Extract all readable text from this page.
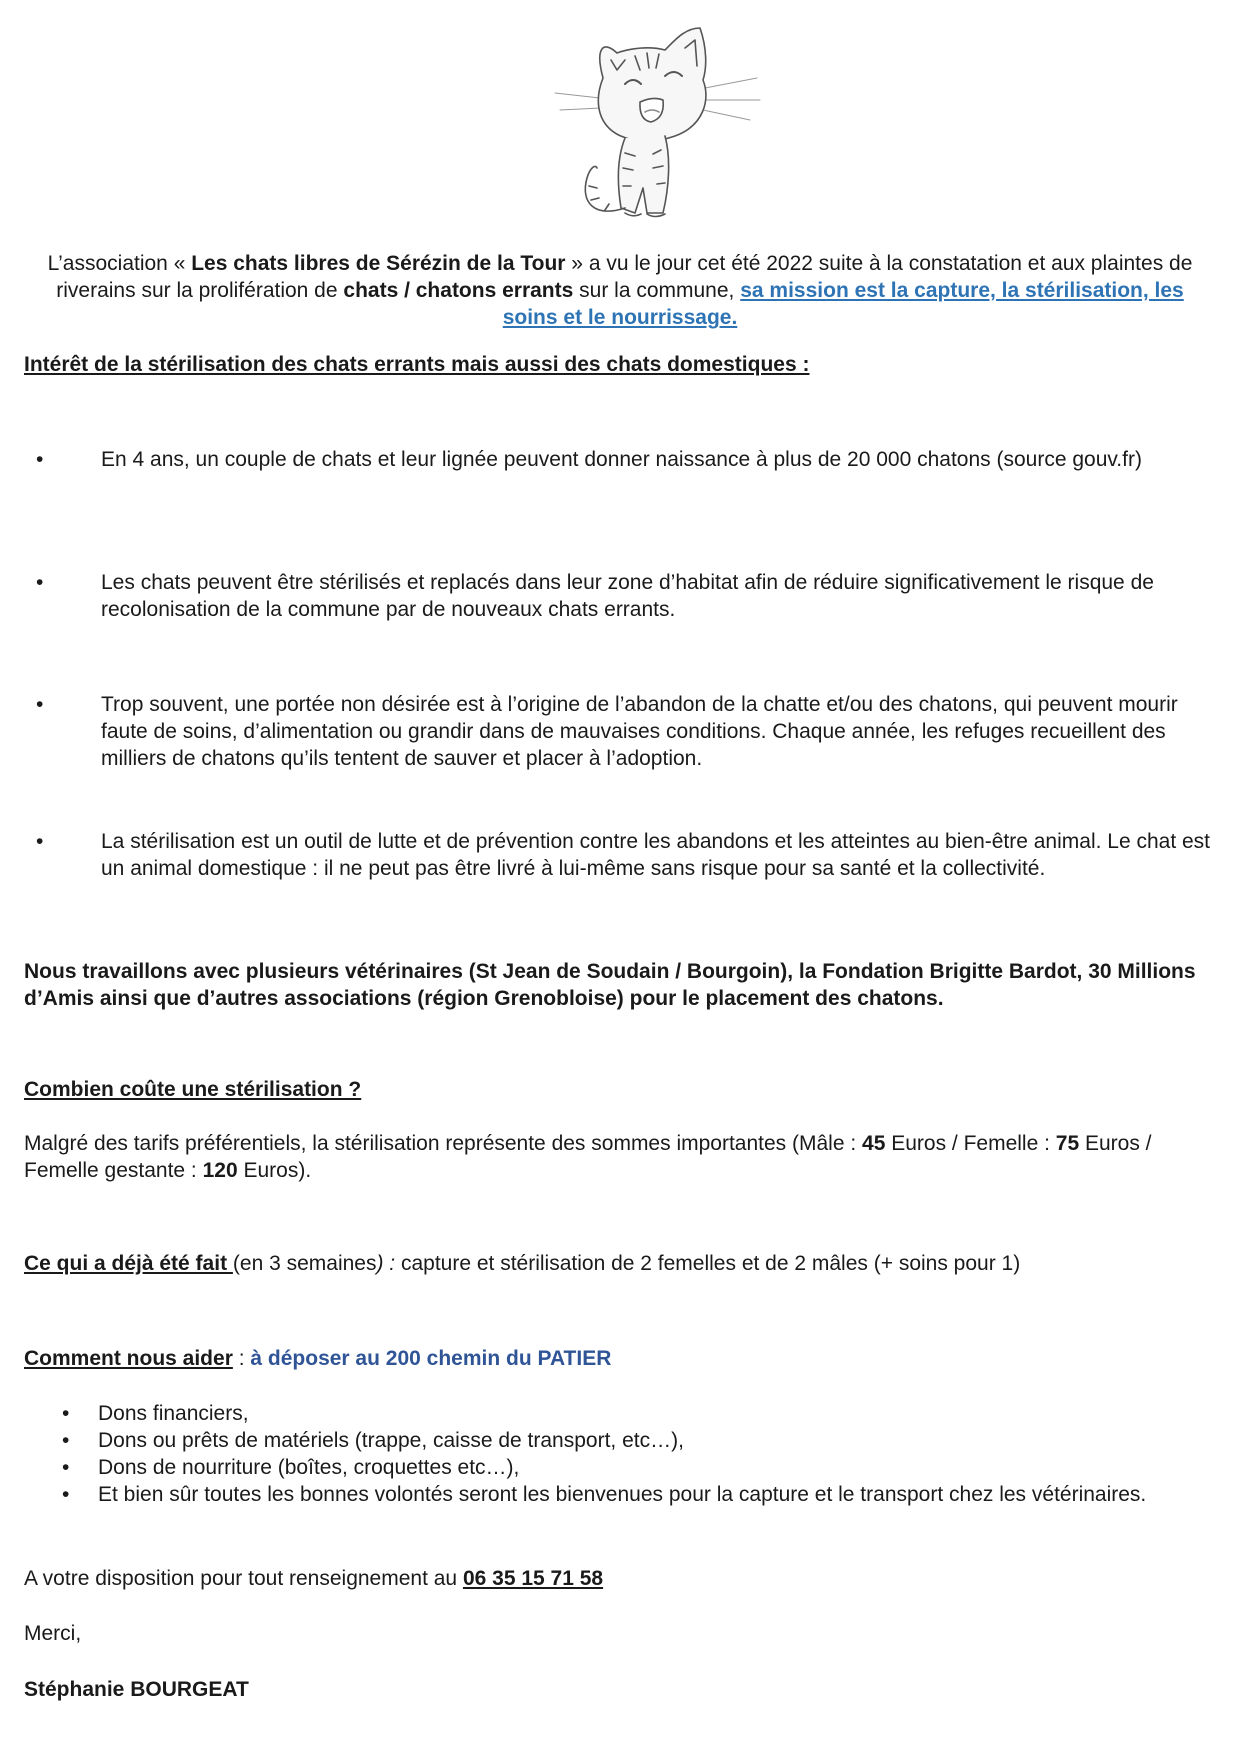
L’association « Les chats libres de Sérézin de la Tour » a vu le jour cet été 2022 suite à la constatation et aux plaintes de riverains sur la prolifération de chats / chatons errants sur la commune, sa mission est la capture, la stérilisation, les soins et le nourrissage.
Intérêt de la stérilisation des chats errants mais aussi des chats domestiques :
•	En 4 ans, un couple de chats et leur lignée peuvent donner naissance à plus de 20 000 chatons (source gouv.fr)
•	Les chats peuvent être stérilisés et replacés dans leur zone d’habitat afin de réduire significativement le risque de recolonisation de la commune par de nouveaux chats errants.
•	Trop souvent, une portée non désirée est à l’origine de l’abandon de la chatte et/ou des chatons, qui peuvent mourir faute de soins, d’alimentation ou grandir dans de mauvaises conditions. Chaque année, les refuges recueillent des milliers de chatons qu’ils tentent de sauver et placer à l’adoption.
•	La stérilisation est un outil de lutte et de prévention contre les abandons et les atteintes au bien-être animal. Le chat est un animal domestique : il ne peut pas être livré à lui-même sans risque pour sa santé et la collectivité.
Nous travaillons avec plusieurs vétérinaires (St Jean de Soudain / Bourgoin), la Fondation Brigitte Bardot, 30 Millions d’Amis ainsi que d’autres associations (région Grenobloise) pour le placement des chatons.
Combien coûte une stérilisation ?
Malgré des tarifs préférentiels, la stérilisation représente des sommes importantes (Mâle : 45 Euros / Femelle : 75 Euros / Femelle gestante : 120 Euros).
Ce qui a déjà été fait (en 3 semaines) : capture et stérilisation de 2 femelles et de 2 mâles (+ soins pour 1)
Comment nous aider : à déposer au 200 chemin du PATIER
• Dons financiers,
• Dons ou prêts de matériels (trappe, caisse de transport, etc…),
• Dons de nourriture (boîtes, croquettes etc…),
• Et bien sûr toutes les bonnes volontés seront les bienvenues pour la capture et le transport chez les vétérinaires.
A votre disposition pour tout renseignement au 06 35 15 71 58
Merci,
Stéphanie BOURGEAT
